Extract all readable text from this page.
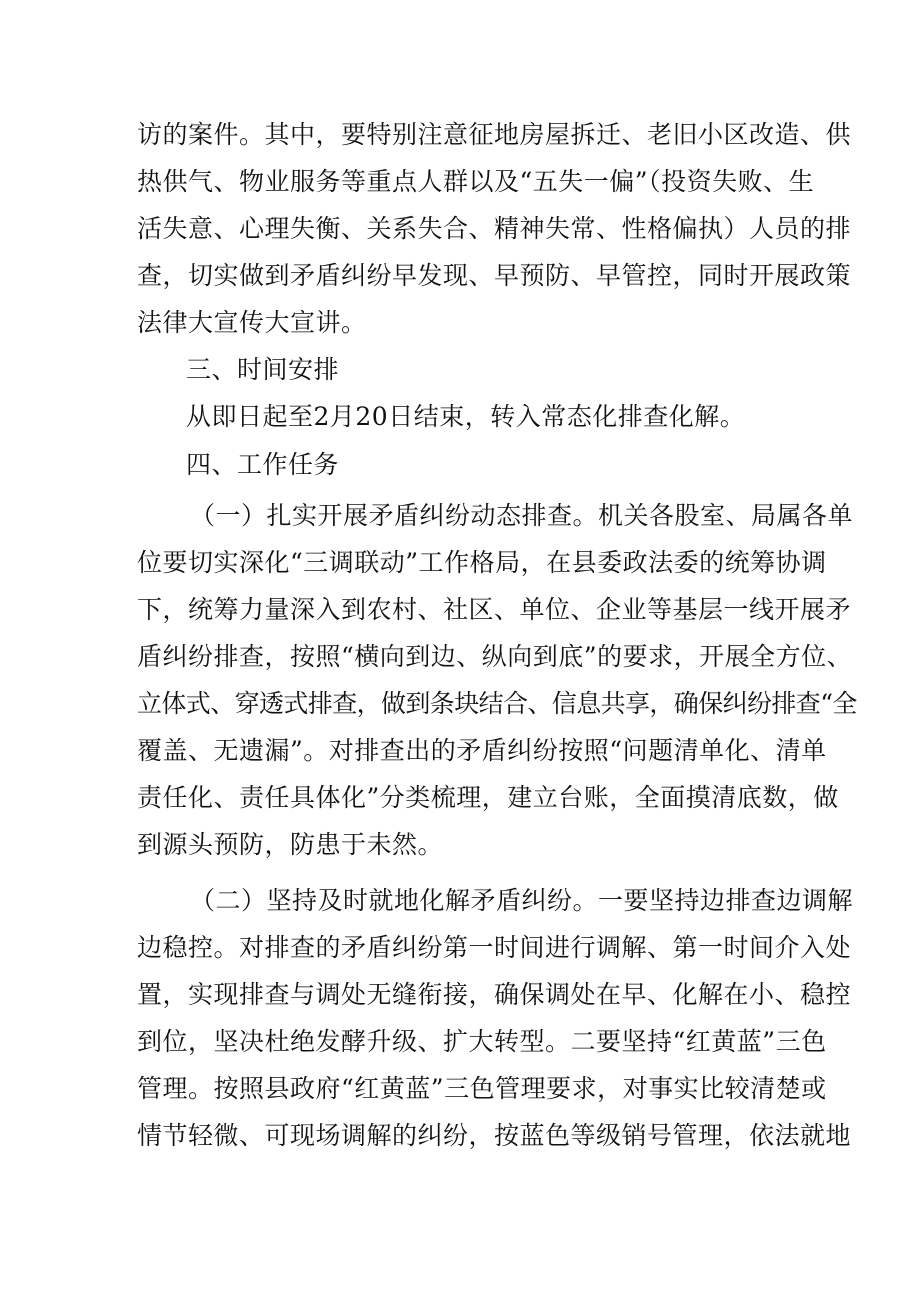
访的案件。其中，要特别注意征地房屋拆迁、老旧小区改造、供
热供气、物业服务等重点人群以及“五失一偏”（投资失败、生
活失意、心理失衡、关系失合、精神失常、性格偏执）人员的排
查，切实做到矛盾纠纷早发现、早预防、早管控，同时开展政策
法律大宣传大宣讲。
三、时间安排
从即日起至2月20日结束，转入常态化排查化解。
四、工作任务
（一）扎实开展矛盾纠纷动态排查。机关各股室、局属各单
位要切实深化“三调联动”工作格局，在县委政法委的统筹协调
下，统筹力量深入到农村、社区、单位、企业等基层一线开展矛
盾纠纷排查，按照“横向到边、纵向到底”的要求，开展全方位、
立体式、穿透式排查，做到条块结合、信息共享，确保纠纷排查“全
覆盖、无遗漏”。对排查出的矛盾纠纷按照“问题清单化、清单
责任化、责任具体化”分类梳理，建立台账，全面摸清底数，做
到源头预防，防患于未然。
（二）坚持及时就地化解矛盾纠纷。一要坚持边排查边调解
边稳控。对排查的矛盾纠纷第一时间进行调解、第一时间介入处
置，实现排查与调处无缝衔接，确保调处在早、化解在小、稳控
到位，坚决杜绝发酵升级、扩大转型。二要坚持“红黄蓝”三色
管理。按照县政府“红黄蓝”三色管理要求，对事实比较清楚或
情节轻微、可现场调解的纠纷，按蓝色等级销号管理，依法就地
